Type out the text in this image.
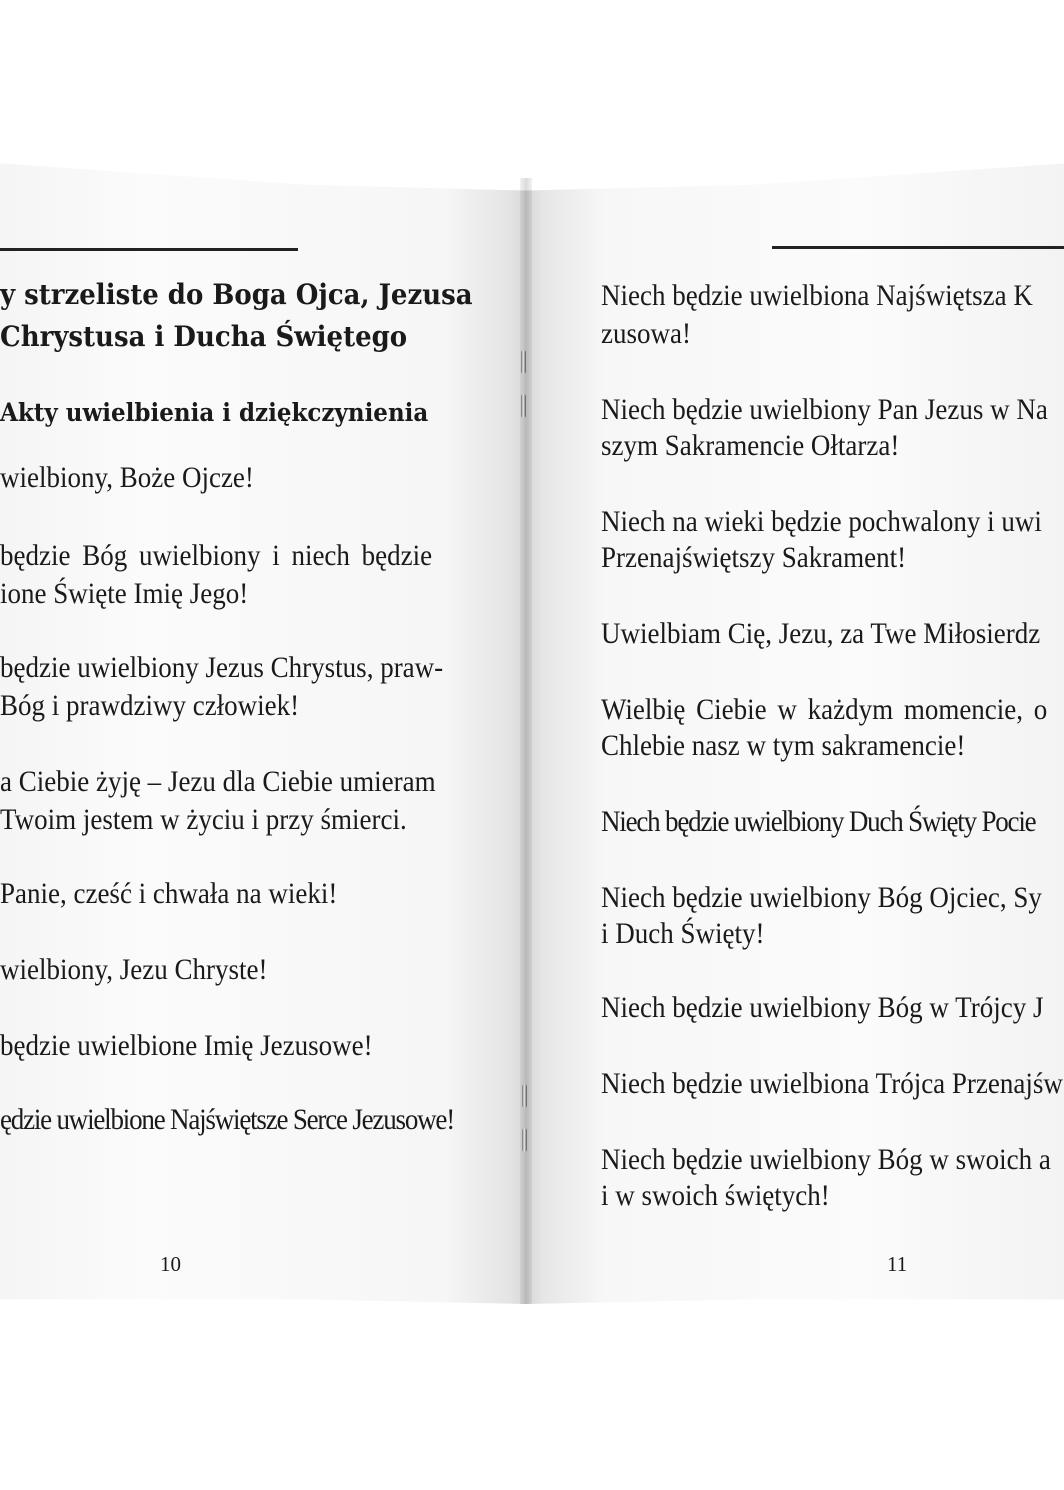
y strzeliste do Boga Ojca, Jezusa
Chrystusa i Ducha Świętego
Akty uwielbienia i dziękczynienia
wielbiony, Boże Ojcze!
będzie Bóg uwielbiony i niech będzie
ione Święte Imię Jego!
będzie uwielbiony Jezus Chrystus, praw-
Bóg i prawdziwy człowiek!
a Ciebie żyję – Jezu dla Ciebie umieram
Twoim jestem w życiu i przy śmierci.
Panie, cześć i chwała na wieki!
wielbiony, Jezu Chryste!
będzie uwielbione Imię Jezusowe!
ędzie uwielbione Najświętsze Serce Jezusowe!
10
Niech będzie uwielbiona Najświętsza K
zusowa!
Niech będzie uwielbiony Pan Jezus w Na
szym Sakramencie Ołtarza!
Niech na wieki będzie pochwalony i uwi
Przenajświętszy Sakrament!
Uwielbiam Cię, Jezu, za Twe Miłosierdz
Wielbię Ciebie w każdym momencie, o
Chlebie nasz w tym sakramencie!
Niech będzie uwielbiony Duch Święty Pocie
Niech będzie uwielbiony Bóg Ojciec, Sy
i Duch Święty!
Niech będzie uwielbiony Bóg w Trójcy J
Niech będzie uwielbiona Trójca Przenajśw
Niech będzie uwielbiony Bóg w swoich a
i w swoich świętych!
11
